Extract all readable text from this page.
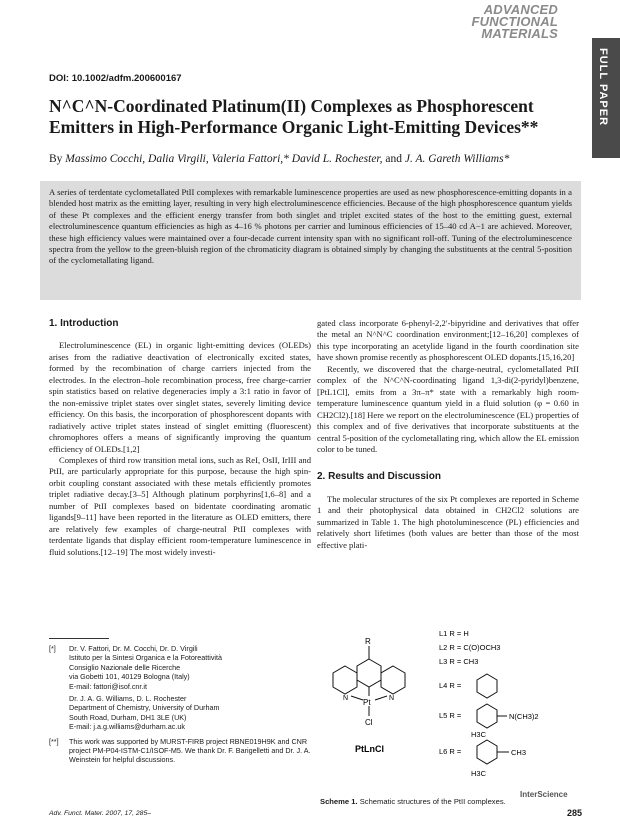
ADVANCED
FUNCTIONAL
MATERIALS
FULL PAPER
DOI: 10.1002/adfm.200600167
N^C^N-Coordinated Platinum(II) Complexes as Phosphorescent Emitters in High-Performance Organic Light-Emitting Devices**
By Massimo Cocchi, Dalia Virgili, Valeria Fattori,* David L. Rochester, and J. A. Gareth Williams*
A series of terdentate cyclometallated PtII complexes with remarkable luminescence properties are used as new phosphorescence-emitting dopants in a blended host matrix as the emitting layer, resulting in very high electroluminescence efficiencies. Because of the high phosphorescence quantum yields of these Pt complexes and the efficient energy transfer from both singlet and triplet excited states of the host to the emitting guest, external electroluminescence quantum efficiencies as high as 4–16 % photons per carrier and luminous efficiencies of 15–40 cd A−1 are achieved. Moreover, these high efficiency values were maintained over a four-decade current intensity span with no significant roll-off. Tuning of the electroluminescence spectra from the yellow to the green-bluish region of the chromaticity diagram is obtained simply by changing the substituents at the central 5-position of the cyclometallating ligand.
1. Introduction

Electroluminescence (EL) in organic light-emitting devices (OLEDs) arises from the radiative deactivation of electronically excited states, formed by the recombination of charge carriers injected from the electrodes. In the electron–hole recombination process, free charge-carrier spin statistics based on relative degeneracies imply a 3:1 ratio in favor of the non-emissive triplet states over singlet states, severely limiting device efficiency. On this basis, the incorporation of phosphorescent dopants with radiatively active triplet states instead of singlet emitting (fluorescent) chromophores offers a means of significantly improving the quantum efficiency of OLEDs.[1,2]

Complexes of third row transition metal ions, such as ReI, OsII, IrIII and PtII, are particularly appropriate for this purpose, because the high spin-orbit coupling constant associated with these metals efficiently promotes triplet radiative decay.[3–5] Although platinum porphyrins[1,6–8] and a number of PtII complexes based on bidentate coordinating aromatic ligands[9–11] have been reported in the literature as OLED emitters, there are relatively few examples of charge-neutral PtII complexes with terdentate ligands that display efficient room-temperature luminescence in fluid solutions.[12–19] The most widely investi-

gated class incorporate 6-phenyl-2,2′-bipyridine and derivatives that offer the metal an N^N^C coordination environment;[12–16,20] complexes of this type incorporating an acetylide ligand in the fourth coordination site have shown promise recently as phosphorescent OLED dopants.[15,16,20]

Recently, we discovered that the charge-neutral, cyclometallated PtII complex of the N^C^N-coordinating ligand 1,3-di(2-pyridyl)benzene, [PtL1Cl], emits from a 3π–π* state with a remarkably high room-temperature luminescence quantum yield in a fluid solution (φ = 0.60 in CH2Cl2).[18] Here we report on the electroluminescence (EL) properties of this complex and of five derivatives that incorporate substituents at the central 5-position of the cyclometallating ring, which allow the EL emission color to be tuned.

2. Results and Discussion

The molecular structures of the six Pt complexes are reported in Scheme 1 and their photophysical data obtained in CH2Cl2 solutions are summarized in Table 1. The high photoluminescence (PL) efficiencies and relatively short lifetimes (both values are better than those of the most effective plati-

[*]	Dr. V. Fattori, Dr. M. Cocchi, Dr. D. Virgili
Istituto per la Sintesi Organica e la Fotoreattività
Consiglio Nazionale delle Ricerche
via Gobetti 101, 40129 Bologna (Italy)
E-mail: fattori@isof.cnr.it
Dr. J. A. G. Williams, D. L. Rochester
Department of Chemistry, University of Durham
South Road, Durham, DH1 3LE (UK)
E-mail: j.a.g.williams@durham.ac.uk
[**]	This work was supported by MURST-FIRB project RBNE019H9K and CNR project PM-P04-ISTM-C1/ISOF-M5. We thank Dr. F. Barigelletti and Dr. J. A. Weinstein for helpful discussions.
R
Pt
N	N
Cl
PtLnCl
L1 R = H
L2 R = C(O)OCH3
L3 R = CH3
L4 R =
L5 R =	N(CH3)2
L6 R =
H3C
CH3
H3C
Scheme 1. Schematic structures of the PtII complexes.
InterScience
Adv. Funct. Mater. 2007, 17, 285–	285
